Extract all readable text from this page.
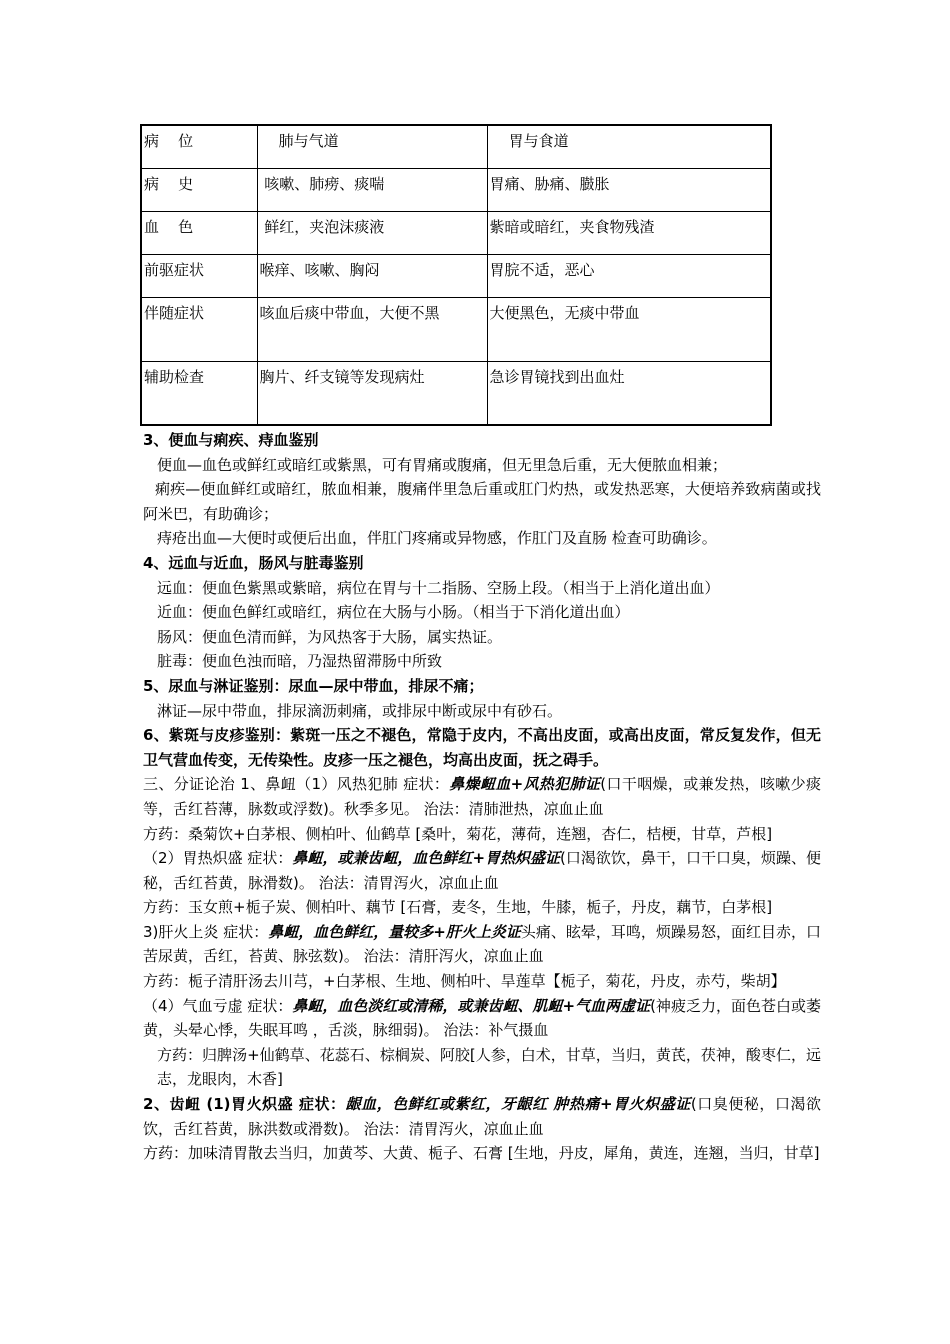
病    位	肺与气道	胃与食道
病    史	咳嗽、肺痨、痰喘	胃痛、胁痛、臌胀
血    色	鲜红，夹泡沫痰液	紫暗或暗红，夹食物残渣
前驱症状	喉痒、咳嗽、胸闷	胃脘不适，恶心
伴随症状	咳血后痰中带血，大便不黑	大便黑色，无痰中带血
辅助检查	胸片、纤支镜等发现病灶	急诊胃镜找到出血灶

3、便血与痢疾、痔血鉴别

便血—血色或鲜红或暗红或紫黑，可有胃痛或腹痛，但无里急后重，无大便脓血相兼；

痢疾—便血鲜红或暗红，脓血相兼，腹痛伴里急后重或肛门灼热，或发热恶寒，大便培养致病菌或找阿米巴，有助确诊；

痔疮出血—大便时或便后出血，伴肛门疼痛或异物感，作肛门及直肠 检查可助确诊。

4、远血与近血，肠风与脏毒鉴别

远血：便血色紫黑或紫暗，病位在胃与十二指肠、空肠上段。（相当于上消化道出血）

近血：便血色鲜红或暗红，病位在大肠与小肠。（相当于下消化道出血）

肠风：便血色清而鲜，为风热客于大肠，属实热证。

脏毒：便血色浊而暗，乃湿热留滞肠中所致

5、尿血与淋证鉴别：尿血—尿中带血，排尿不痛；

淋证—尿中带血，排尿滴沥刺痛，或排尿中断或尿中有砂石。

6、紫斑与皮疹鉴别：紫斑一压之不褪色，常隐于皮内，不高出皮面，或高出皮面，常反复发作，但无卫气营血传变，无传染性。皮疹一压之褪色，均高出皮面，抚之碍手。

三、分证论治 1、鼻衄（1）风热犯肺 症状：鼻燥衄血+风热犯肺证(口干咽燥，或兼发热，咳嗽少痰等，舌红苔薄，脉数或浮数)。秋季多见。 治法：清肺泄热，凉血止血

方药：桑菊饮+白茅根、侧柏叶、仙鹤草 [桑叶，菊花，薄荷，连翘，杏仁，桔梗，甘草，芦根]

（2）胃热炽盛 症状：鼻衄，或兼齿衄，血色鲜红+胃热炽盛证(口渴欲饮，鼻干，口干口臭，烦躁、便秘，舌红苔黄，脉滑数)。 治法：清胃泻火，凉血止血

方药：玉女煎+栀子炭、侧柏叶、藕节 [石膏，麦冬，生地，牛膝，栀子，丹皮，藕节，白茅根]

3)肝火上炎 症状：鼻衄，血色鲜红，量较多+肝火上炎证头痛、眩晕，耳鸣，烦躁易怒，面红目赤，口苦尿黄，舌红，苔黄、脉弦数)。 治法：清肝泻火，凉血止血

方药：栀子清肝汤去川芎，+白茅根、生地、侧柏叶、旱莲草【栀子，菊花，丹皮，赤芍，柴胡】

（4）气血亏虚 症状：鼻衄，血色淡红或清稀，或兼齿衄、肌衄+气血两虚证(神疲乏力，面色苍白或萎黄，头晕心悸，失眠耳鸣 ，舌淡，脉细弱)。 治法：补气摄血

方药：归脾汤+仙鹤草、花蕊石、棕榈炭、阿胶[人参，白术，甘草，当归，黄芪，茯神，酸枣仁，远志，龙眼肉，木香]

2、齿衄 (1)胃火炽盛 症状：龈血，色鲜红或紫红，牙龈红 肿热痛+胃火炽盛证(口臭便秘，口渴欲饮，舌红苔黄，脉洪数或滑数)。 治法：清胃泻火，凉血止血

方药：加味清胃散去当归，加黄芩、大黄、栀子、石膏 [生地，丹皮，犀角，黄连，连翘，当归，甘草]
